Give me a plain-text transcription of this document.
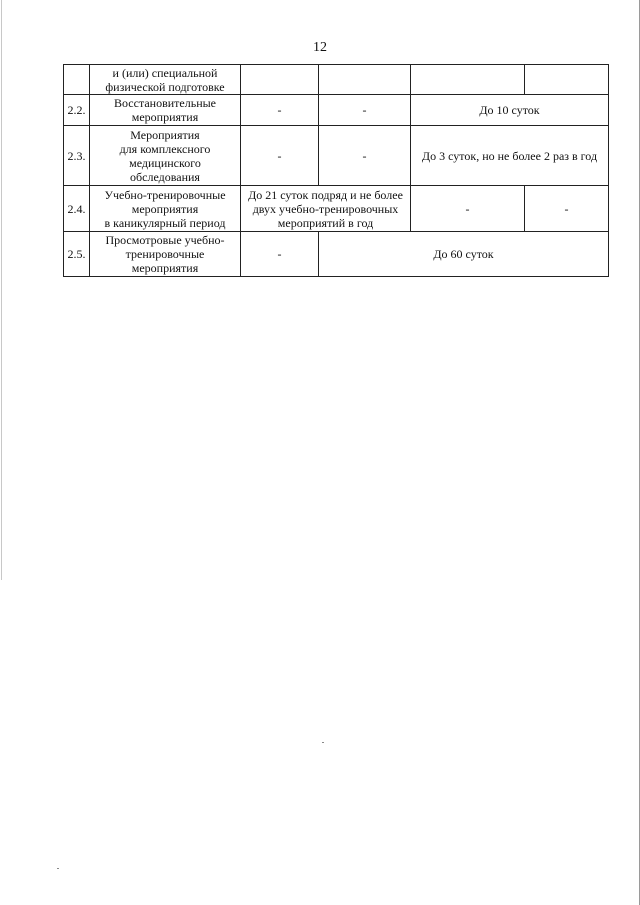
12
	и (или) специальной
физической подготовке				
2.2.	Восстановительные
мероприятия	-	-	До 10 суток	
2.3.	Мероприятия
для комплексного
медицинского
обследования	-	-	До 3 суток, но не более 2 раз в год	
2.4.	Учебно-тренировочные
мероприятия
в каникулярный период	До 21 суток подряд и не более
двух учебно-тренировочных
мероприятий в год		-	-
2.5.	Просмотровые учебно-
тренировочные
мероприятия	-	До 60 суток		
